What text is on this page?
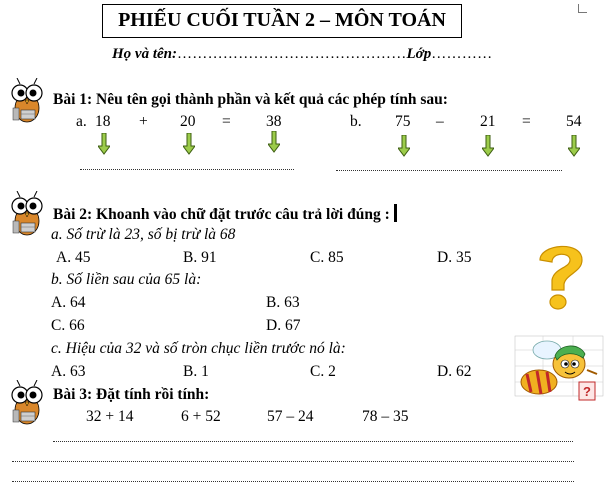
PHIẾU CUỐI TUẦN 2 – MÔN TOÁN
Họ và tên:………………………………………Lớp…………
Bài 1: Nêu tên gọi thành phần và kết quả các phép tính sau:
a. 18 + 20 = 38	b. 75 – 21 = 54
Bài 2: Khoanh vào chữ đặt trước câu trả lời đúng :
a. Số trừ là 23, số bị trừ là 68
A. 45	B. 91	C. 85	D. 35
b. Số liền sau của 65 là:
A. 64	B. 63
C. 66	D. 67
c. Hiệu của 32 và số tròn chục liền trước nó là:
A. 63	B. 1	C. 2	D. 62
?
Bài 3: Đặt tính rồi tính:
32 + 14	6 + 52	57 – 24	78 – 35
